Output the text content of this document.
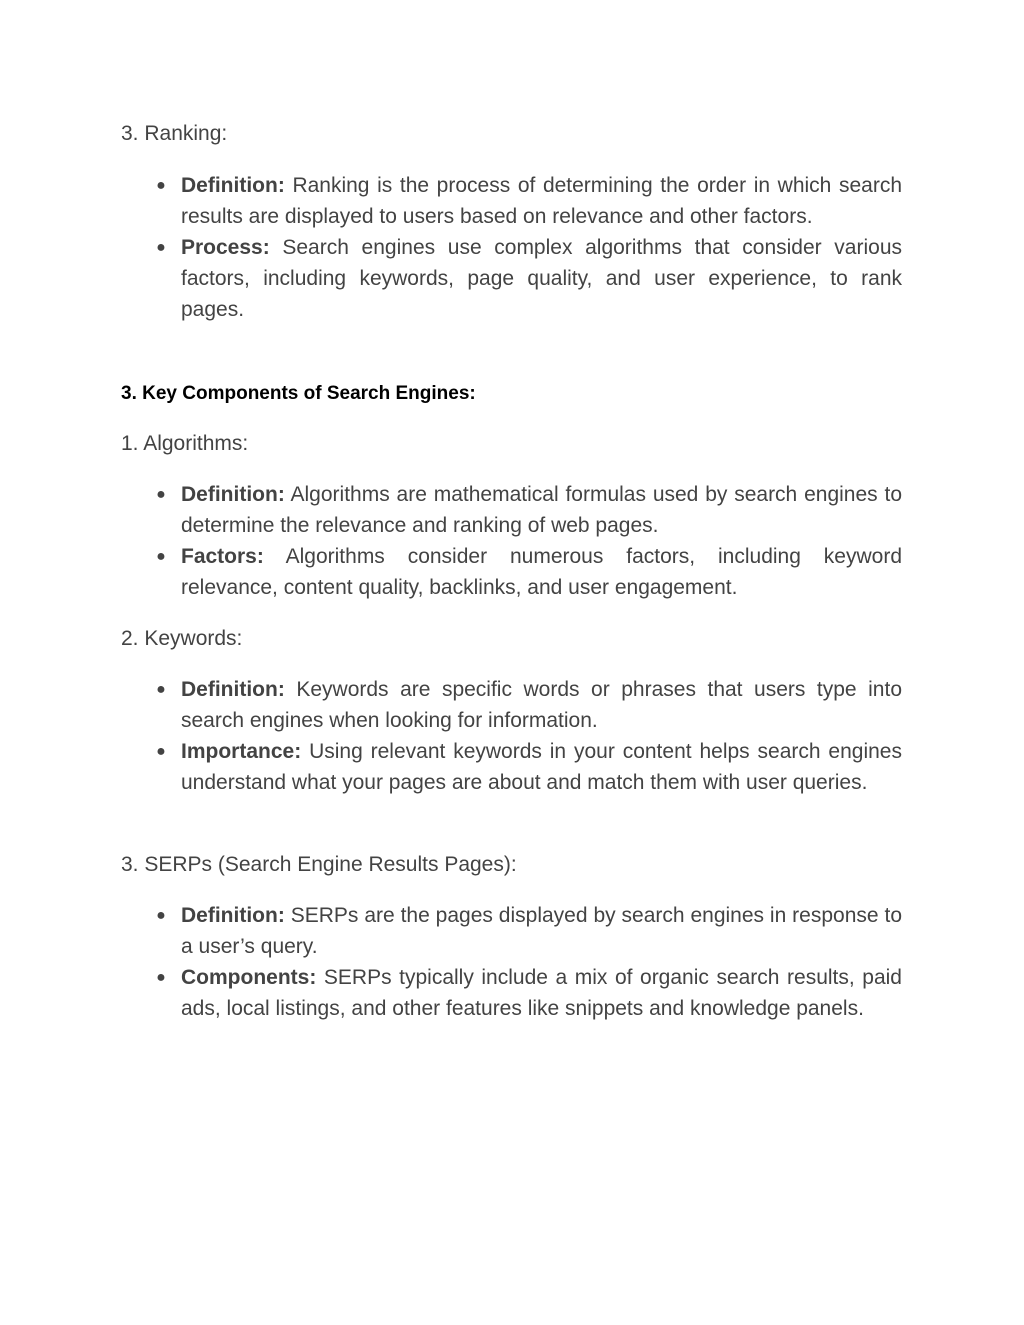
3. Ranking:

● Definition: Ranking is the process of determining the order in which search results are displayed to users based on relevance and other factors.
● Process: Search engines use complex algorithms that consider various factors, including keywords, page quality, and user experience, to rank pages.
3. Key Components of Search Engines:

1. Algorithms:

● Definition: Algorithms are mathematical formulas used by search engines to determine the relevance and ranking of web pages.
● Factors: Algorithms consider numerous factors, including keyword relevance, content quality, backlinks, and user engagement.

2. Keywords:

● Definition: Keywords are specific words or phrases that users type into search engines when looking for information.
● Importance: Using relevant keywords in your content helps search engines understand what your pages are about and match them with user queries.

3. SERPs (Search Engine Results Pages):

● Definition: SERPs are the pages displayed by search engines in response to a user’s query.
● Components: SERPs typically include a mix of organic search results, paid ads, local listings, and other features like snippets and knowledge panels.
